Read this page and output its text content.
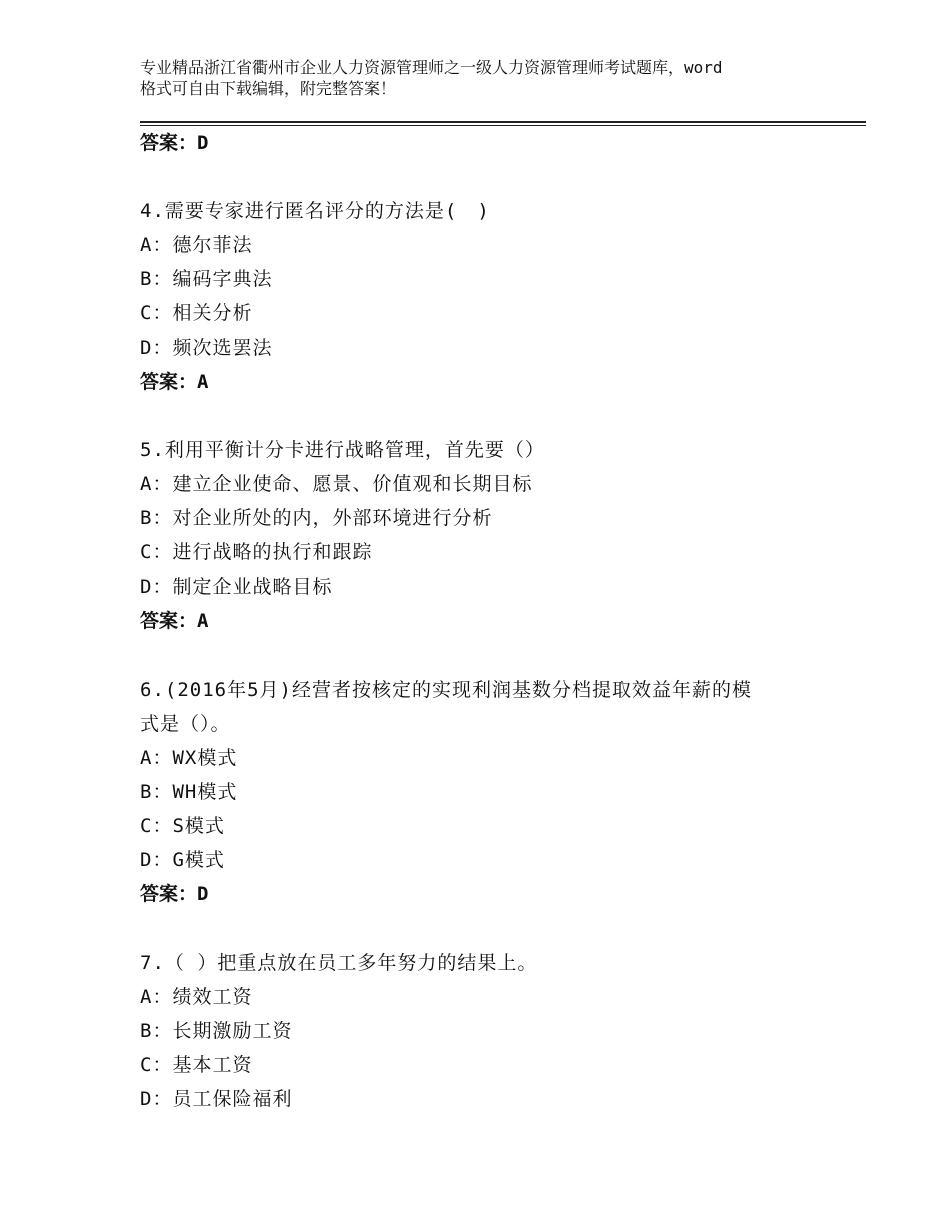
专业精品浙江省衢州市企业人力资源管理师之一级人力资源管理师考试题库，word
格式可自由下载编辑，附完整答案！
答案：D
4.需要专家进行匿名评分的方法是(　)
A：德尔菲法
B：编码字典法
C：相关分析
D：频次选罢法
答案：A
5.利用平衡计分卡进行战略管理，首先要（）
A：建立企业使命、愿景、价值观和长期目标
B：对企业所处的内，外部环境进行分析
C：进行战略的执行和跟踪
D：制定企业战略目标
答案：A
6.(2016年5月)经营者按核定的实现利润基数分档提取效益年薪的模
式是（）。
A：WX模式
B：WH模式
C：S模式
D：G模式
答案：D
7.（ ）把重点放在员工多年努力的结果上。
A：绩效工资
B：长期激励工资
C：基本工资
D：员工保险福利
